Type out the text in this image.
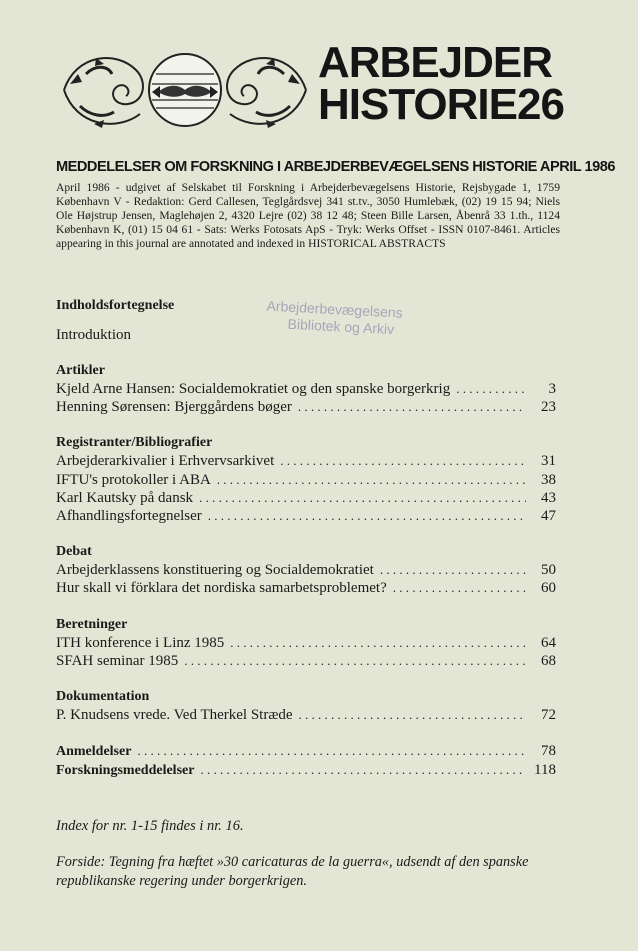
ARBEJDER
HISTORIE26
MEDDELELSER OM FORSKNING I ARBEJDERBEVÆGELSENS HISTORIE APRIL 1986
April 1986 - udgivet af Selskabet til Forskning i Arbejderbevægelsens Historie, Rejsbygade 1, 1759 København V - Redaktion: Gerd Callesen, Teglgårdsvej 341 st.tv., 3050 Humlebæk, (02) 19 15 94; Niels Ole Højstrup Jensen, Maglehøjen 2, 4320 Lejre (02) 38 12 48; Steen Bille Larsen, Åbenrå 33 1.th., 1124 København K, (01) 15 04 61 - Sats: Werks Fotosats ApS - Tryk: Werks Offset - ISSN 0107-8461. Articles appearing in this journal are annotated and indexed in HISTORICAL ABSTRACTS
Arbejderbevægelsens
Bibliotek og Arkiv
Indholdsfortegnelse
Introduktion
Artikler
Kjeld Arne Hansen: Socialdemokratiet og den spanske borgerkrig . . .	3
Henning Sørensen: Bjerggårdens bøger . . .	23
Registranter/Bibliografier
Arbejderarkivalier i Erhvervsarkivet . . .	31
IFTU's protokoller i ABA . . .	38
Karl Kautsky på dansk . . .	43
Afhandlingsfortegnelser . . .	47
Debat
Arbejderklassens konstituering og Socialdemokratiet . . .	50
Hur skall vi förklara det nordiska samarbetsproblemet? . . .	60
Beretninger
ITH konference i Linz 1985 . . .	64
SFAH seminar 1985 . . .	68
Dokumentation
P. Knudsens vrede. Ved Therkel Stræde . . .	72
Anmeldelser . . .	78
Forskningsmeddelelser . . .	118
Index for nr. 1-15 findes i nr. 16.
Forside: Tegning fra hæftet »30 caricaturas de la guerra«, udsendt af den spanske republikanske regering under borgerkrigen.
